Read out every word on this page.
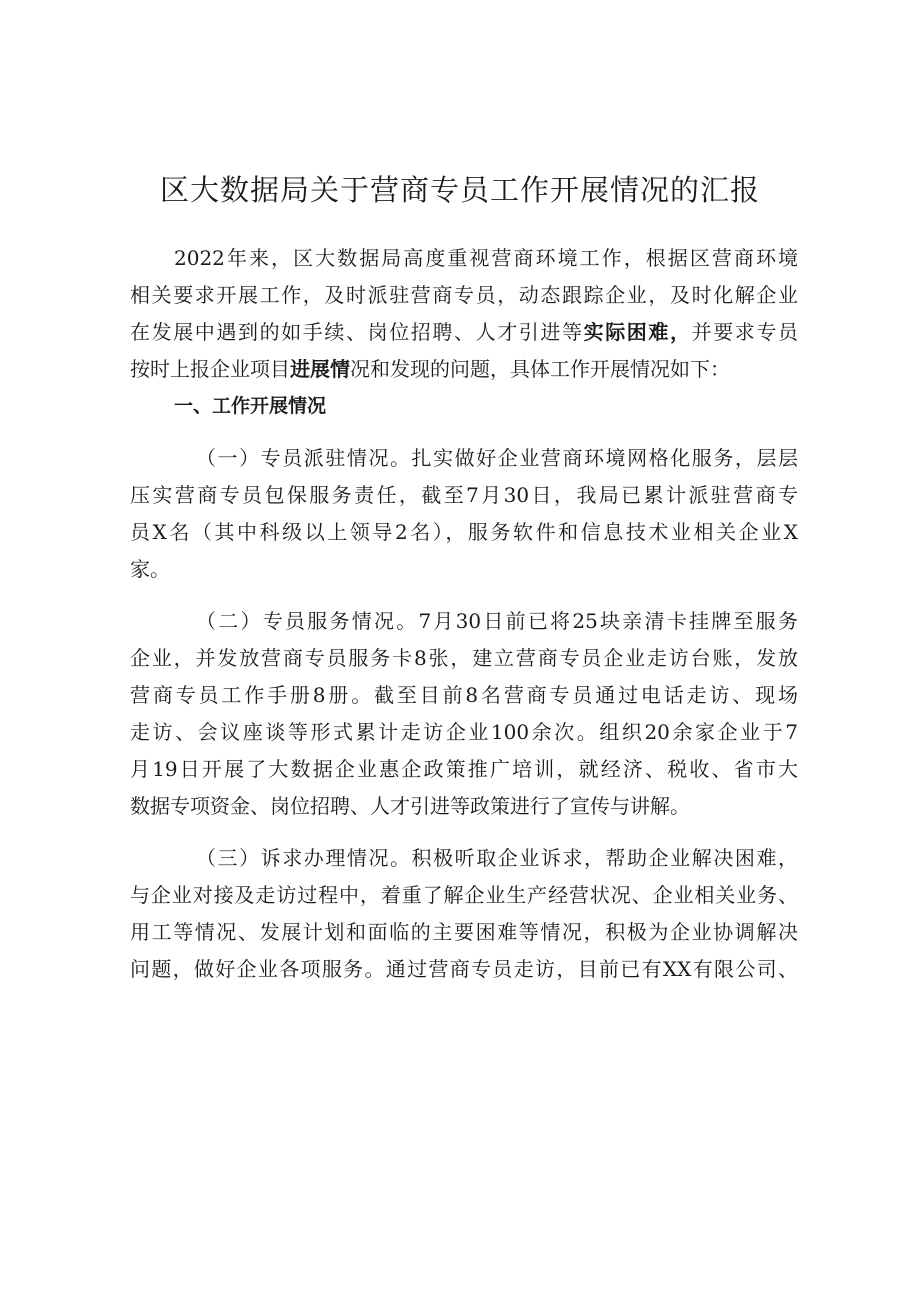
区大数据局关于营商专员工作开展情况的汇报
2022年来，区大数据局高度重视营商环境工作，根据区营商环境
相关要求开展工作，及时派驻营商专员，动态跟踪企业，及时化解企业
在发展中遇到的如手续、岗位招聘、人才引进等实际困难，并要求专员
按时上报企业项目进展情况和发现的问题，具体工作开展情况如下：
一、工作开展情况
（一）专员派驻情况。扎实做好企业营商环境网格化服务，层层
压实营商专员包保服务责任，截至7月30日，我局已累计派驻营商专
员X名（其中科级以上领导2名），服务软件和信息技术业相关企业X
家。
（二）专员服务情况。7月30日前已将25块亲清卡挂牌至服务
企业，并发放营商专员服务卡8张，建立营商专员企业走访台账，发放
营商专员工作手册8册。截至目前8名营商专员通过电话走访、现场
走访、会议座谈等形式累计走访企业100余次。组织20余家企业于7
月19日开展了大数据企业惠企政策推广培训，就经济、税收、省市大
数据专项资金、岗位招聘、人才引进等政策进行了宣传与讲解。
（三）诉求办理情况。积极听取企业诉求，帮助企业解决困难，
与企业对接及走访过程中，着重了解企业生产经营状况、企业相关业务、
用工等情况、发展计划和面临的主要困难等情况，积极为企业协调解决
问题，做好企业各项服务。通过营商专员走访，目前已有XX有限公司、
